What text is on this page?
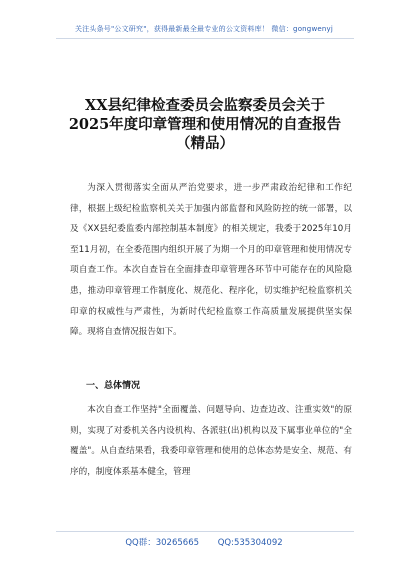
关注头条号"公文研究"，获得最新最全最专业的公文资料库！ 微信：gongwenyj
XX县纪律检查委员会监察委员会关于
2025年度印章管理和使用情况的自查报告
（精品）
为深入贯彻落实全面从严治党要求，进一步严肃政治纪律和工作纪律，根据上级纪检监察机关关于加强内部监督和风险防控的统一部署，以及《XX县纪委监委内部控制基本制度》的相关规定，我委于2025年10月至11月初，在全委范围内组织开展了为期一个月的印章管理和使用情况专项自查工作。本次自查旨在全面排查印章管理各环节中可能存在的风险隐患，推动印章管理工作制度化、规范化、程序化，切实维护纪检监察机关印章的权威性与严肃性，为新时代纪检监察工作高质量发展提供坚实保障。现将自查情况报告如下。
一、总体情况
本次自查工作坚持"全面覆盖、问题导向、边查边改、注重实效"的原则，实现了对委机关各内设机构、各派驻(出)机构以及下属事业单位的"全覆盖"。从自查结果看，我委印章管理和使用的总体态势是安全、规范、有序的，制度体系基本健全，管理
QQ群：30265665 QQ:535304092
